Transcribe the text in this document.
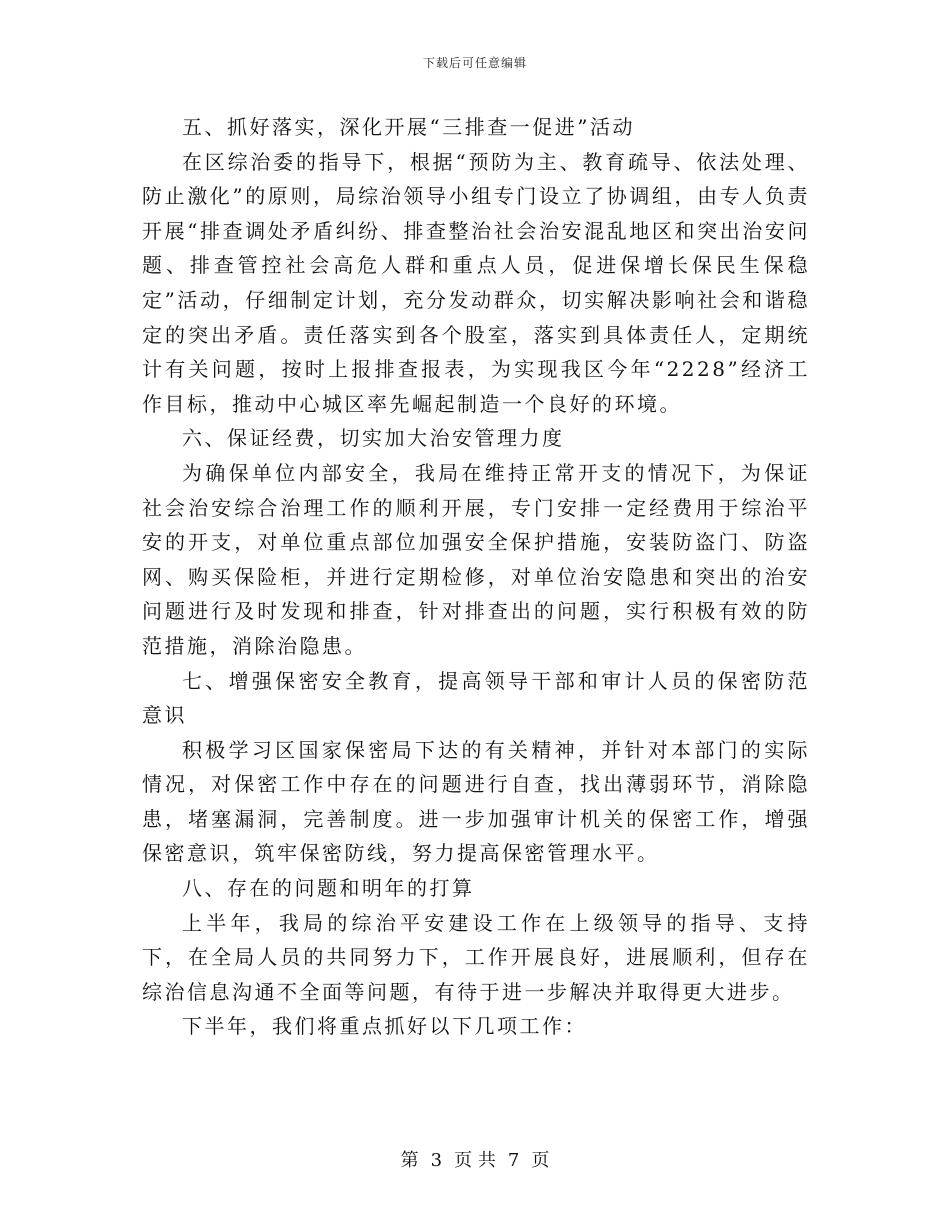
下载后可任意编辑

五、抓好落实，深化开展“三排查一促进”活动

在区综治委的指导下，根据“预防为主、教育疏导、依法处理、防止激化”的原则，局综治领导小组专门设立了协调组，由专人负责开展“排查调处矛盾纠纷、排查整治社会治安混乱地区和突出治安问题、排查管控社会高危人群和重点人员，促进保增长保民生保稳定”活动，仔细制定计划，充分发动群众，切实解决影响社会和谐稳定的突出矛盾。责任落实到各个股室，落实到具体责任人，定期统计有关问题，按时上报排查报表，为实现我区今年“2228”经济工作目标，推动中心城区率先崛起制造一个良好的环境。

六、保证经费，切实加大治安管理力度

为确保单位内部安全，我局在维持正常开支的情况下，为保证社会治安综合治理工作的顺利开展，专门安排一定经费用于综治平安的开支，对单位重点部位加强安全保护措施，安装防盗门、防盗网、购买保险柜，并进行定期检修，对单位治安隐患和突出的治安问题进行及时发现和排查，针对排查出的问题，实行积极有效的防范措施，消除治隐患。

七、增强保密安全教育，提高领导干部和审计人员的保密防范意识

积极学习区国家保密局下达的有关精神，并针对本部门的实际情况，对保密工作中存在的问题进行自查，找出薄弱环节，消除隐患，堵塞漏洞，完善制度。进一步加强审计机关的保密工作，增强保密意识，筑牢保密防线，努力提高保密管理水平。

八、存在的问题和明年的打算

上半年，我局的综治平安建设工作在上级领导的指导、支持下，在全局人员的共同努力下，工作开展良好，进展顺利，但存在综治信息沟通不全面等问题，有待于进一步解决并取得更大进步。

下半年，我们将重点抓好以下几项工作：

第 3 页 共 7 页
